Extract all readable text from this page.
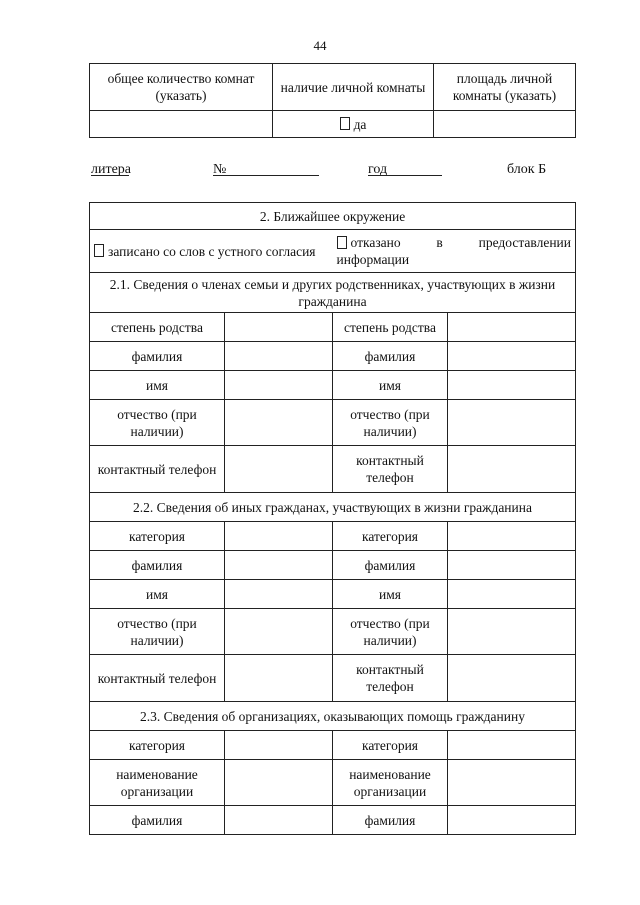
44
общее количество комнат (указать)	наличие личной комнаты	площадь личной комнаты (указать)
	да	
литера	№	год	блок Б
2. Ближайшее окружение			
записано со слов с устного согласия		отказано в предоставлении
информации	

2.1. Сведения о членах семьи и других родственниках, участвующих в жизни гражданина			
степень родства		степень родства	
фамилия		фамилия	
имя		имя	
отчество (при наличии)		отчество (при наличии)	
контактный телефон		контактный телефон	
2.2. Сведения об иных гражданах, участвующих в жизни гражданина			
категория		категория	
фамилия		фамилия	
имя		имя	
отчество (при наличии)		отчество (при наличии)	
контактный телефон		контактный телефон	
2.3. Сведения об организациях, оказывающих помощь гражданину			
категория		категория	
наименование организации		наименование организации	
фамилия		фамилия	
